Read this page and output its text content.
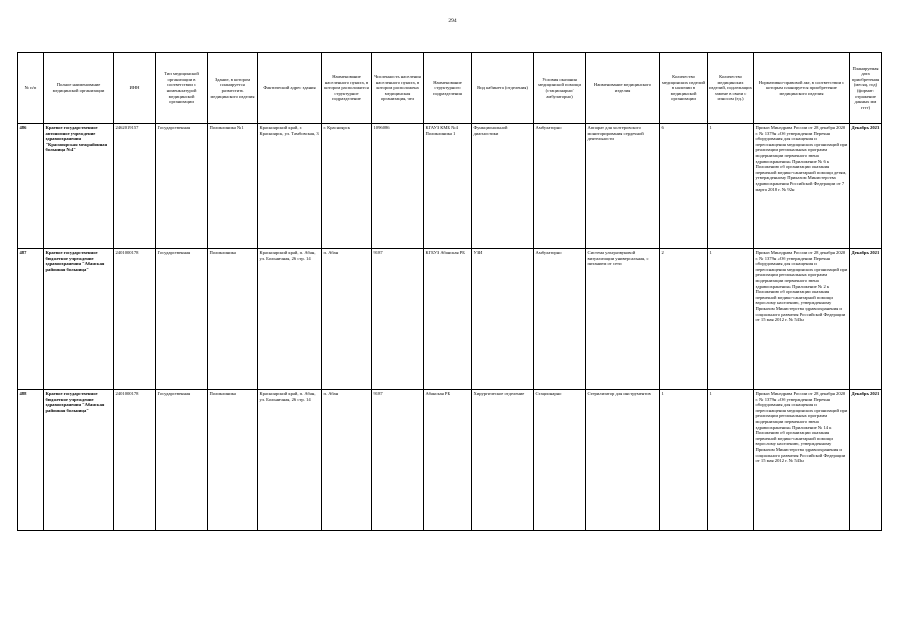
294
№ п/п	Полное наименование медицинской организации	ИНН	Тип медицинской организации в соответствии с номенклатурой медицинской организации	Здание, в котором планируется разместить медицинского изделия	Фактический адрес здания	Наименование населенного пункта, в котором расположится структурное подразделение	Численность населения населенного пункта, в котором расположена медицинская организация, чел	Наименование структурного подразделения	Вид кабинета (отделения)	Условия оказания медицинской помощи (стационарно/ амбулаторно)	Наименование медицинского изделия	Количество медицинских изделий в наличии в медицинской организации	Количество медицинских изделий, подлежащих замене в связи с износом (ед.)	Нормативно-правовой акт, в соответствии с которым планируется приобретение медицинского изделия	Планируемая дата приобретения (месяц, год) (формат: отражение данных мм гггг)
486	Краевое государственное автономное учреждение здравоохранения "Красноярская межрайонная больница №4"	2462019157	Государственная	Поликлиника №1	Красноярский край, г. Красноярск, ул. Тамбовская, 3	г. Красноярск	1096086	КГАУЗ КМБ №4 Поликлиника 1	Функциональной диагностики	Амбулаторно	Аппарат для холтеровского мониторирования сердечной деятельности	6	1	Приказ Минздрава России от 28 декабря 2020 г. № 1379н «Об утверждении Перечня оборудования для оснащения и переоснащения медицинских организаций при реализации региональных программ модернизации первичного звена здравоохранения» Приложение № 6 к Положению об организации оказания первичной медико-санитарной помощи детям, утвержденному Приказом Министерства здравоохранения Российской Федерации от 7 марта 2018 г. № 92н	Декабрь 2023
487	Краевое государственное бюджетное учреждение здравоохранения "Абанская районная больница"	2401000178	Государственная	Поликлиника	Красноярский край, п. Абан, ул. Больничная, 26 стр. 14	п. Абан	9187	КГБУЗ Абанская РБ	УЗИ	Амбулаторно	Система ультразвуковой визуализации универсальная, с питанием от сети	2	1	Приказ Минздрава России от 28 декабря 2020 г. № 1379н «Об утверждении Перечня оборудования для оснащения и переоснащения медицинских организаций при реализации региональных программ модернизации первичного звена здравоохранения» Приложение № 2 к Положению об организации оказания первичной медико-санитарной помощи взрослому населению, утвержденному Приказом Министерства здравоохранения и социального развития Российской Федерации от 15 мая 2012 г. № 543н	Декабрь 2021
488	Краевое государственное бюджетное учреждение здравоохранения "Абанская районная больница"	2401000178	Государственная	Поликлиника	Красноярский край, п. Абан, ул. Больничная, 26 стр. 14	п. Абан	9187	Абанская РБ	Хирургическое отделение	Стационарно	Стерилизатор для инструментов	1	1	Приказ Минздрава России от 28 декабря 2020 г. № 1379н «Об утверждении Перечня оборудования для оснащения и переоснащения медицинских организаций при реализации региональных программ модернизации первичного звена здравоохранения» Приложение № 14 к Положению об организации оказания первичной медико-санитарной помощи взрослому населению, утвержденному Приказом Министерства здравоохранения и социального развития Российской Федерации от 15 мая 2012 г. № 543н	Декабрь 2021
